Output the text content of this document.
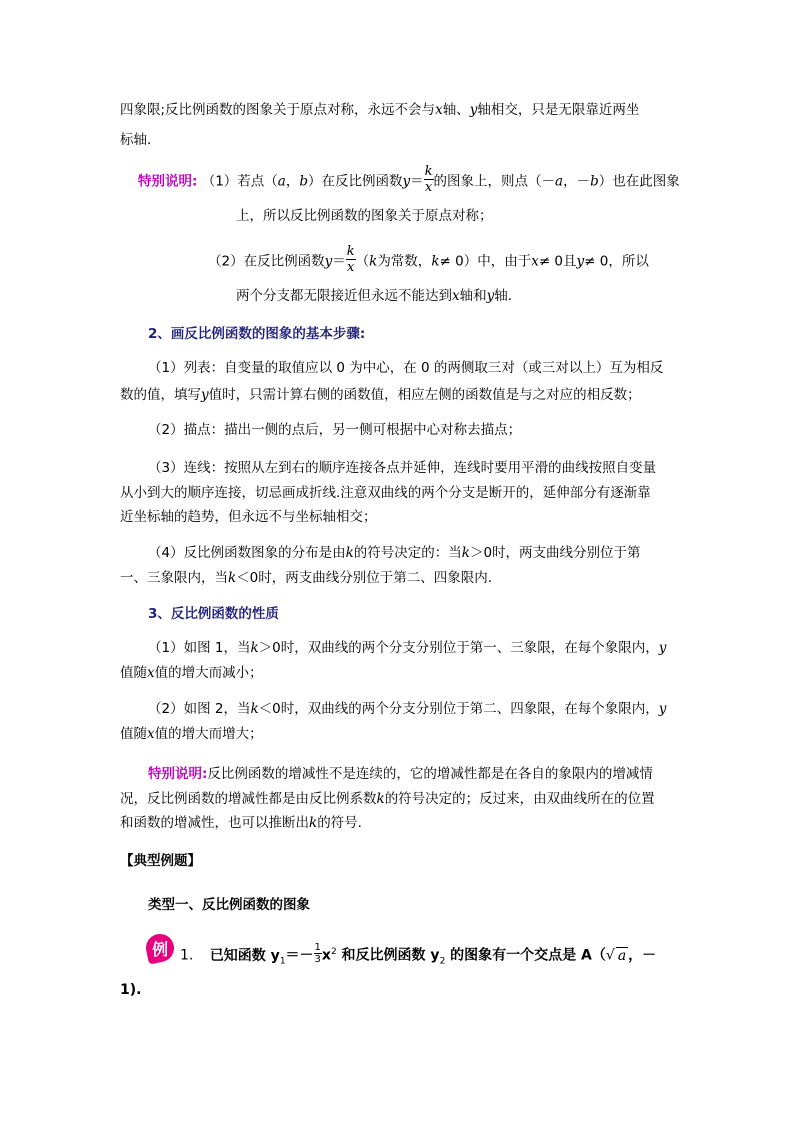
四象限;反比例函数的图象关于原点对称，永远不会与x轴、y轴相交，只是无限靠近两坐
标轴.
特别说明: （1）若点（a，b）在反比例函数$y= \frac{k}{x}$ 的图象上，则点（－a，－b）也在此图象
上，所以反比例函数的图象关于原点对称；
（2）在反比例函数$y= \frac{k}{x} (k$为常数，k≠ 0）中，由于x≠ 0且y≠ 0，所以
两个分支都无限接近但永远不能达到x轴和y轴.
2、画反比例函数的图象的基本步骤:
（1）列表：自变量的取值应以 0 为中心，在 0 的两侧取三对（或三对以上）互为相反
数的值，填写y值时，只需计算右侧的函数值，相应左侧的函数值是与之对应的相反数；
（2）描点：描出一侧的点后，另一侧可根据中心对称去描点；
（3）连线：按照从左到右的顺序连接各点并延伸，连线时要用平滑的曲线按照自变量
从小到大的顺序连接，切忌画成折线.注意双曲线的两个分支是断开的，延伸部分有逐渐靠
近坐标轴的趋势，但永远不与坐标轴相交；
（4）反比例函数图象的分布是由k的符号决定的：当k＞0时，两支曲线分别位于第
一、三象限内，当k＜0时，两支曲线分别位于第二、四象限内.
3、反比例函数的性质
（1）如图 1，当k＞0时，双曲线的两个分支分别位于第一、三象限，在每个象限内，y
值随x值的增大而减小；
（2）如图 2，当k＜0时，双曲线的两个分支分别位于第二、四象限，在每个象限内，y
值随x值的增大而增大；
特别说明:反比例函数的增减性不是连续的，它的增减性都是在各自的象限内的增减情
况，反比例函数的增减性都是由反比例系数k的符号决定的；反过来，由双曲线所在的位置
和函数的增减性，也可以推断出k的符号.
【典型例题】
类型一、反比例函数的图象
例 1. 已知函数 $y_1=- \frac{1}{3} x^2$ 和反比例函数 $y_2$ 的图象有一个交点是 A（√ a ，－
1).
